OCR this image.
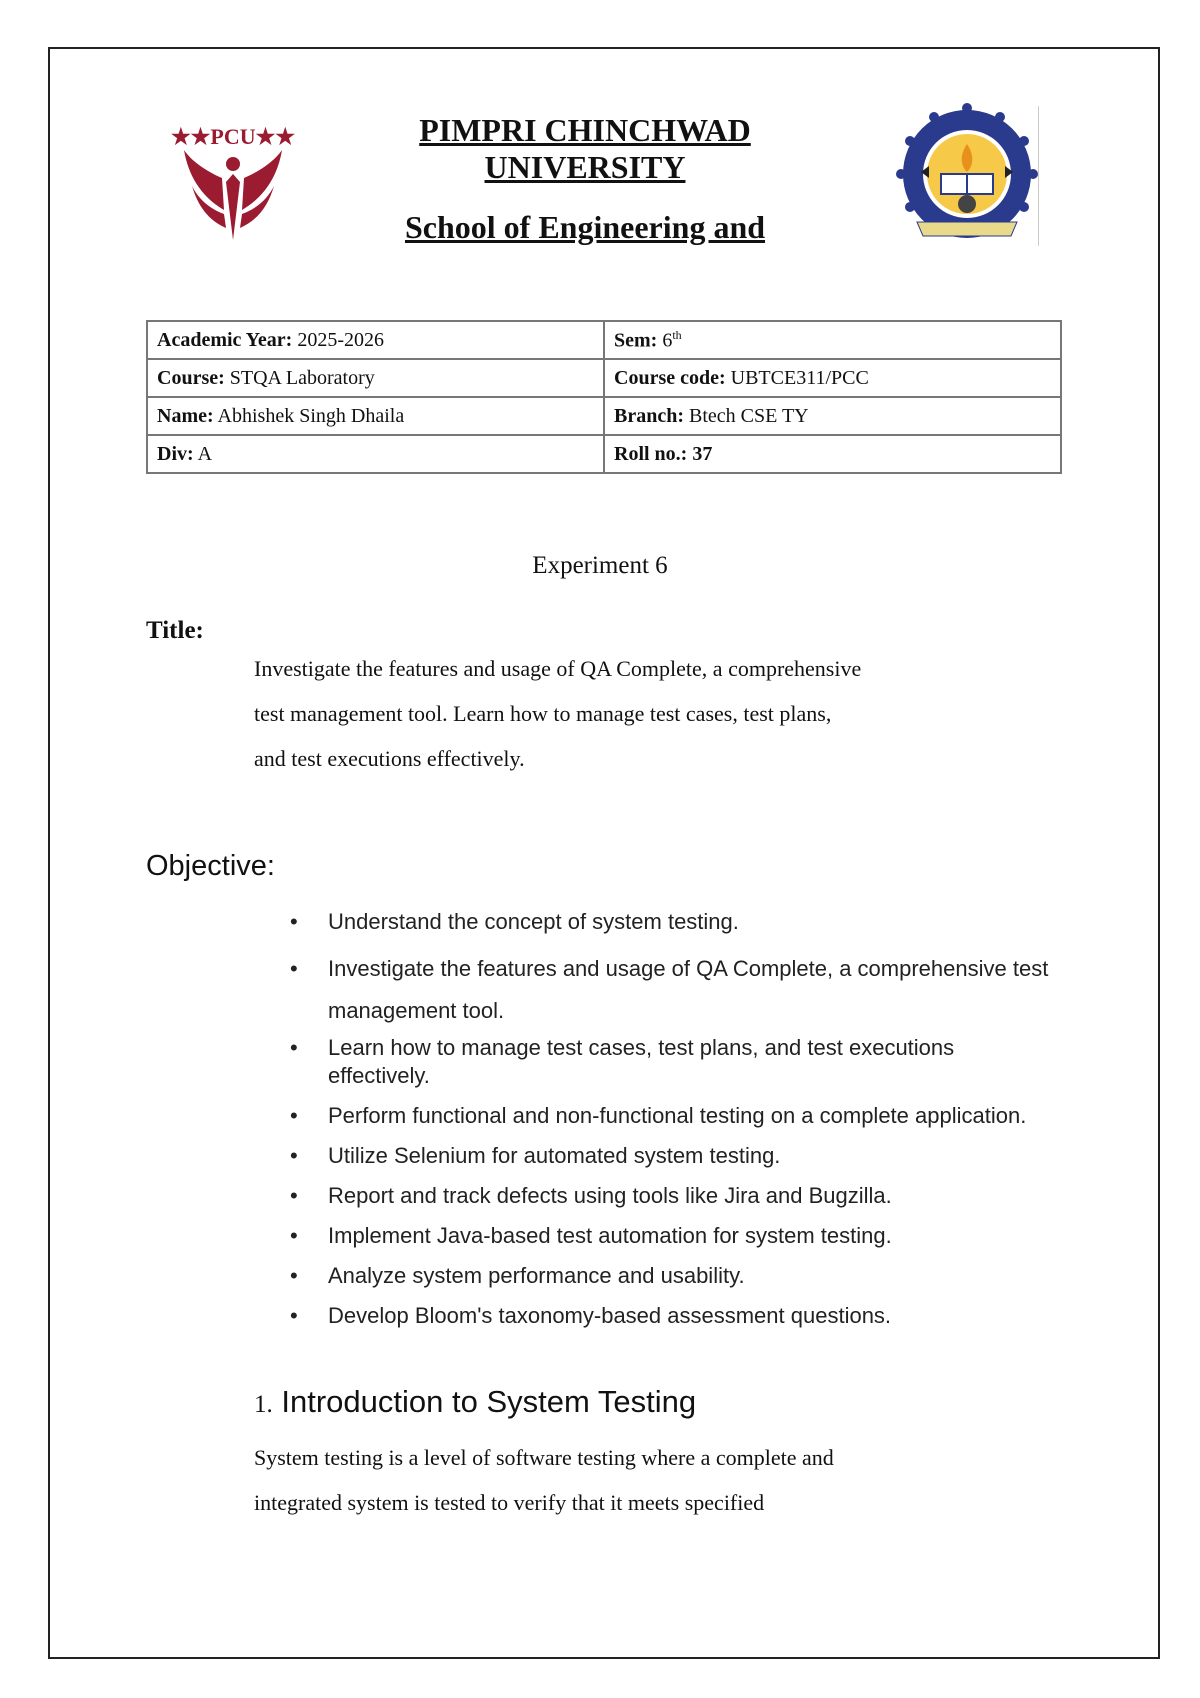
★★PCU★★	PIMPRI CHINCHWAD
UNIVERSITY
School of Engineering and
Academic Year: 2025-2026	Sem: 6th
Course: STQA Laboratory	Course code: UBTCE311/PCC
Name: Abhishek Singh Dhaila	Branch: Btech CSE TY
Div: A	Roll no.: 37
Experiment 6
Title:
Investigate the features and usage of QA Complete, a comprehensive
test management tool. Learn how to manage test cases, test plans,
and test executions effectively.
Objective:
• Understand the concept of system testing.
• Investigate the features and usage of QA Complete, a comprehensive test management tool.
• Learn how to manage test cases, test plans, and test executions effectively.
• Perform functional and non-functional testing on a complete application.
• Utilize Selenium for automated system testing.
• Report and track defects using tools like Jira and Bugzilla.
• Implement Java-based test automation for system testing.
• Analyze system performance and usability.
• Develop Bloom's taxonomy-based assessment questions.
1. Introduction to System Testing
System testing is a level of software testing where a complete and
integrated system is tested to verify that it meets specified
